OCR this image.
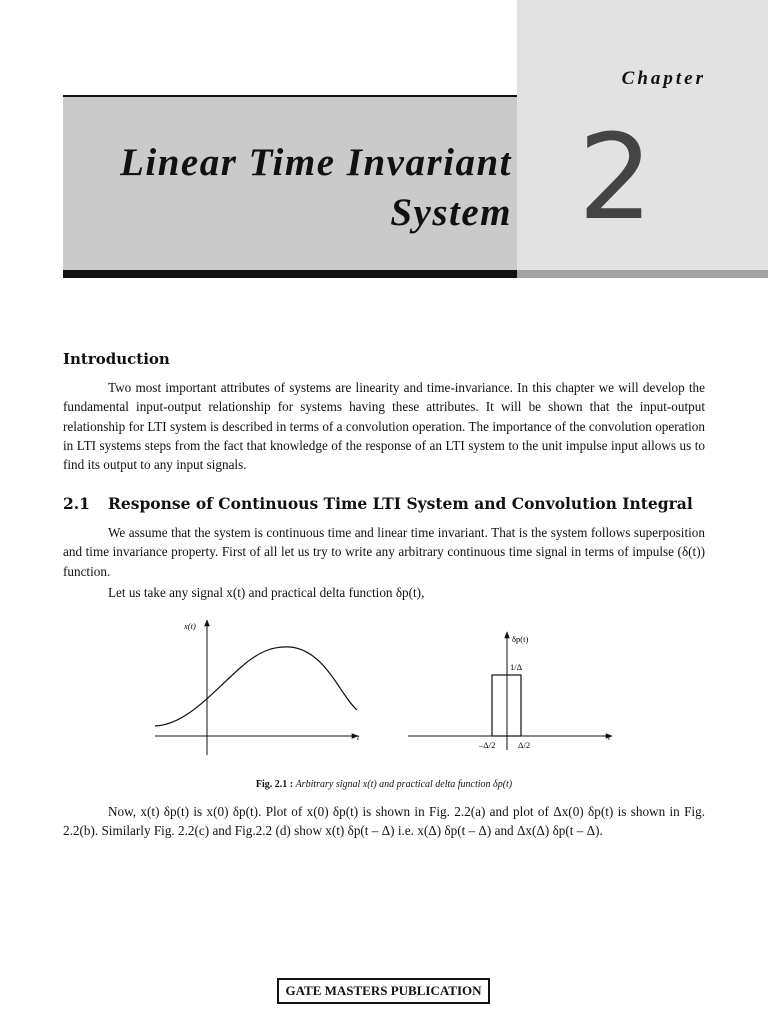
Chapter
2
Linear Time Invariant
System
Introduction

Two most important attributes of systems are linearity and time-invariance. In this chapter we will develop the fundamental input-output relationship for systems having these attributes. It will be shown that the input-output relationship for LTI system is described in terms of a convolution operation. The importance of the convolution operation in LTI systems steps from the fact that knowledge of the response of an LTI system to the unit impulse input allows us to find its output to any input signals.

2.1 Response of Continuous Time LTI System and Convolution Integral

We assume that the system is continuous time and linear time invariant. That is the system follows superposition and time invariance property. First of all let us try to write any arbitrary continuous time signal in terms of impulse (δ(t)) function.

Let us take any signal x(t) and practical delta function δp(t),

x(t)
t
δp(t)
t
1/Δ
–Δ/2	Δ/2
Fig. 2.1 : Arbitrary signal x(t) and practical delta function δp(t)

Now, x(t) δp(t) is x(0) δp(t). Plot of x(0) δp(t) is shown in Fig. 2.2(a) and plot of Δx(0) δp(t) is shown in Fig. 2.2(b). Similarly Fig. 2.2(c) and Fig.2.2 (d) show x(t) δp(t – Δ) i.e. x(Δ) δp(t – Δ) and Δx(Δ) δp(t – Δ).

GATE MASTERS PUBLICATION
